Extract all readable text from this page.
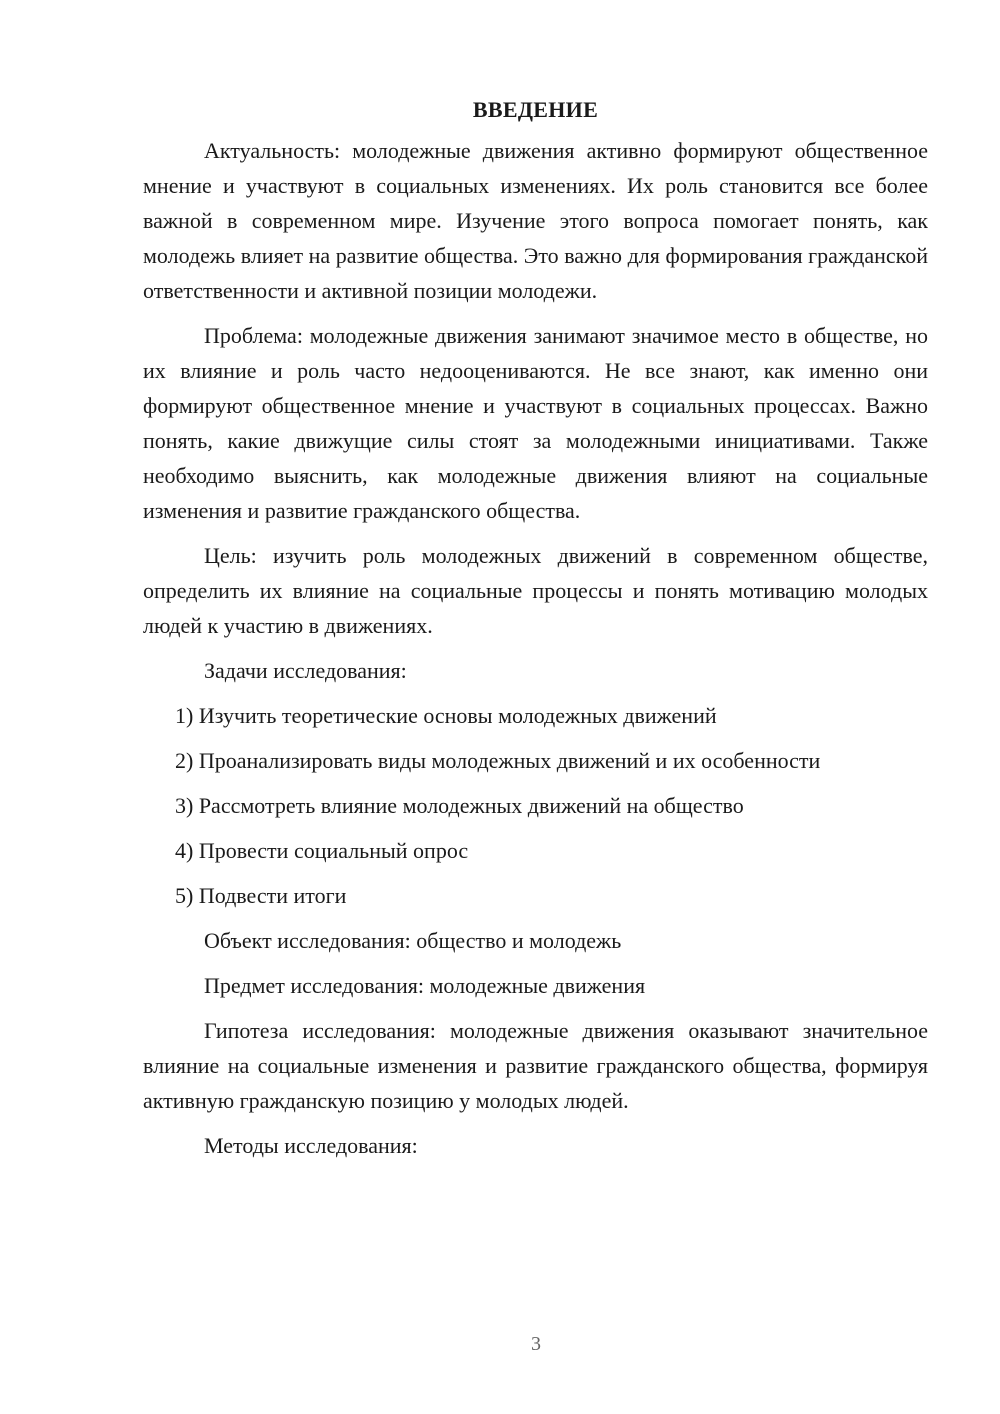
ВВЕДЕНИЕ

Актуальность: молодежные движения активно формируют общественное мнение и участвуют в социальных изменениях. Их роль становится все более важной в современном мире. Изучение этого вопроса помогает понять, как молодежь влияет на развитие общества. Это важно для формирования гражданской ответственности и активной позиции молодежи.

Проблема: молодежные движения занимают значимое место в обществе, но их влияние и роль часто недооцениваются. Не все знают, как именно они формируют общественное мнение и участвуют в социальных процессах. Важно понять, какие движущие силы стоят за молодежными инициативами. Также необходимо выяснить, как молодежные движения влияют на социальные изменения и развитие гражданского общества.

Цель: изучить роль молодежных движений в современном обществе, определить их влияние на социальные процессы и понять мотивацию молодых людей к участию в движениях.

Задачи исследования:

1) Изучить теоретические основы молодежных движений

2) Проанализировать виды молодежных движений и их особенности

3) Рассмотреть влияние молодежных движений на общество

4) Провести социальный опрос

5) Подвести итоги

Объект исследования: общество и молодежь

Предмет исследования: молодежные движения

Гипотеза исследования: молодежные движения оказывают значительное влияние на социальные изменения и развитие гражданского общества, формируя активную гражданскую позицию у молодых людей.

Методы исследования:

3
